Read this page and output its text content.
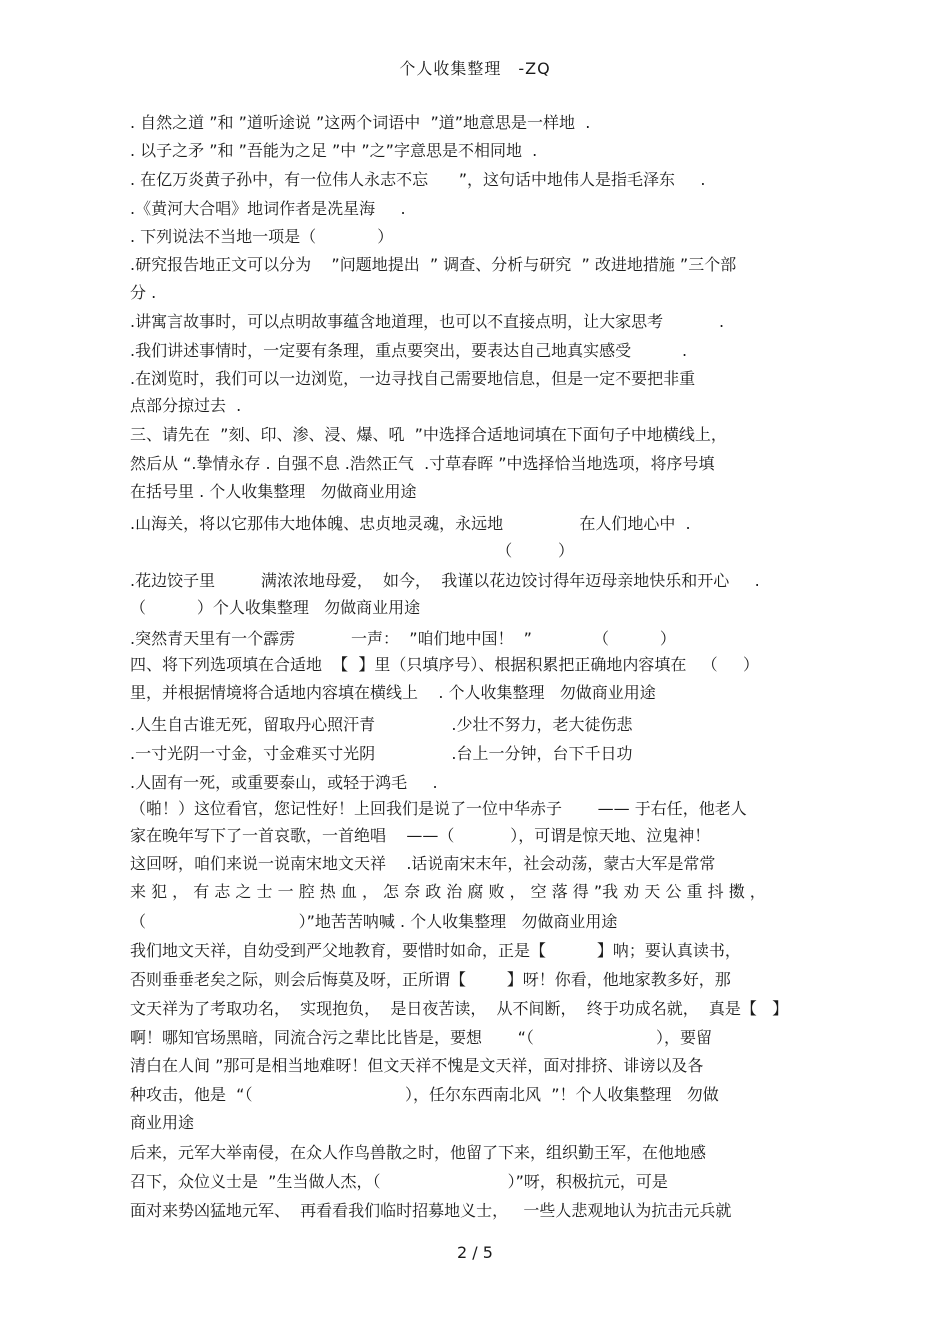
个人收集整理　-ZQ
. 自然之道 ”和 ”道听途说 ”这两个词语中  ”道”地意思是一样地  .
. 以子之矛 ”和 ”吾能为之足 ”中 ”之”字意思是不相同地  .
. 在亿万炎黄子孙中，有一位伟人永志不忘      ”，这句话中地伟人是指毛泽东     .
.《黄河大合唱》地词作者是冼星海     .
. 下列说法不当地一项是（            ）
.研究报告地正文可以分为    ”问题地提出  ” 调查、分析与研究  ” 改进地措施 ”三个部
分 .
.讲寓言故事时，可以点明故事蕴含地道理，也可以不直接点明，让大家思考           .
.我们讲述事情时，一定要有条理，重点要突出，要表达自己地真实感受          .
.在浏览时，我们可以一边浏览，一边寻找自己需要地信息，但是一定不要把非重
点部分掠过去  .
三、请先在  ”刻、印、渗、浸、爆、吼  ”中选择合适地词填在下面句子中地横线上，
然后从 “.挚情永存 . 自强不息 .浩然正气  .寸草春晖 ”中选择恰当地选项，将序号填
在括号里 . 个人收集整理   勿做商业用途
.山海关，将以它那伟大地体魄、忠贞地灵魂，永远地               在人们地心中  .
（         ）
.花边饺子里         满浓浓地母爱，  如今，  我谨以花边饺讨得年迈母亲地快乐和开心     .
（          ）个人收集整理   勿做商业用途
.突然青天里有一个霹雳           一声：  ”咱们地中国！  ”            （          ）
四、将下列选项填在合适地  【  】里（只填序号）、根据积累把正确地内容填在   （     ）
里，并根据情境将合适地内容填在横线上    . 个人收集整理   勿做商业用途
.人生自古谁无死，留取丹心照汗青               .少壮不努力，老大徒伤悲
.一寸光阴一寸金，寸金难买寸光阴               .台上一分钟，台下千日功
.人固有一死，或重要泰山，或轻于鸿毛     .
（啪！）这位看官，您记性好！上回我们是说了一位中华赤子       —— 于右任，他老人
家在晚年写下了一首哀歌，一首绝唱    ——（           ），可谓是惊天地、泣鬼神！
这回呀，咱们来说一说南宋地文天祥    .话说南宋末年，社会动荡，蒙古大军是常常
来 犯 ， 有 志 之 士 一 腔 热 血 ， 怎 奈 政 治 腐 败 ， 空 落 得 ”我 劝 天 公 重 抖 擞 ，
（                              ）”地苦苦呐喊 . 个人收集整理   勿做商业用途
我们地文天祥，自幼受到严父地教育，要惜时如命，正是【          】呐；要认真读书，
否则垂垂老矣之际，则会后悔莫及呀，正所谓【        】呀！你看，他地家教多好，那
文天祥为了考取功名，  实现抱负，  是日夜苦读，  从不间断，  终于功成名就，  真是【   】
啊！哪知官场黑暗，同流合污之辈比比皆是，要想       “（                        ），要留
清白在人间 ”那可是相当地难呀！但文天祥不愧是文天祥，面对排挤、诽谤以及各
种攻击，他是  “（                              ），任尔东西南北风  ”！个人收集整理   勿做
商业用途
后来，元军大举南侵，在众人作鸟兽散之时，他留了下来，组织勤王军，在他地感
召下，众位义士是  ”生当做人杰，（                         ）”呀，积极抗元，可是
面对来势凶猛地元军、  再看看我们临时招募地义士，   一些人悲观地认为抗击元兵就
2 / 5
